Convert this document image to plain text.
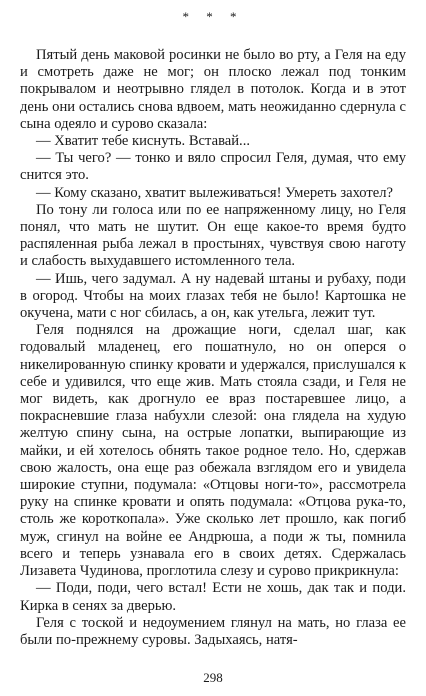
* * *

Пятый день маковой росинки не было во рту, а Геля на еду и смотреть даже не мог; он плоско лежал под тонким покрывалом и неотрывно глядел в потолок. Когда и в этот день они остались снова вдвоем, мать неожиданно сдернула с сына одеяло и сурово сказала:

— Хватит тебе киснуть. Вставай...

— Ты чего? — тонко и вяло спросил Геля, думая, что ему снится это.

— Кому сказано, хватит вылеживаться! Умереть захотел?

По тону ли голоса или по ее напряженному лицу, но Геля понял, что мать не шутит. Он еще какое-то время будто распяленная рыба лежал в простынях, чувствуя свою наготу и слабость выхудавшего истомленного тела.

— Ишь, чего задумал. А ну надевай штаны и рубаху, поди в огород. Чтобы на моих глазах тебя не было! Картошка не окучена, мати с ног сбилась, а он, как утельга, лежит тут.

Геля поднялся на дрожащие ноги, сделал шаг, как годовалый младенец, его пошатнуло, но он оперся о никелированную спинку кровати и удержался, прислушался к себе и удивился, что еще жив. Мать стояла сзади, и Геля не мог видеть, как дрогнуло ее враз постаревшее лицо, а покрасневшие глаза набухли слезой: она глядела на худую желтую спину сына, на острые лопатки, выпирающие из майки, и ей хотелось обнять такое родное тело. Но, сдержав свою жалость, она еще раз обежала взглядом его и увидела широкие ступни, подумала: «Отцовы ноги-то», рассмотрела руку на спинке кровати и опять подумала: «Отцова рука-то, столь же короткопала». Уже сколько лет прошло, как погиб муж, сгинул на войне ее Андрюша, а поди ж ты, помнила всего и теперь узнавала его в своих детях. Сдержалась Лизавета Чудинова, проглотила слезу и сурово прикрикнула:

— Поди, поди, чего встал! Ести не хошь, дак так и поди. Кирка в сенях за дверью.

Геля с тоской и недоумением глянул на мать, но глаза ее были по-прежнему суровы. Задыхаясь, натя-

298
